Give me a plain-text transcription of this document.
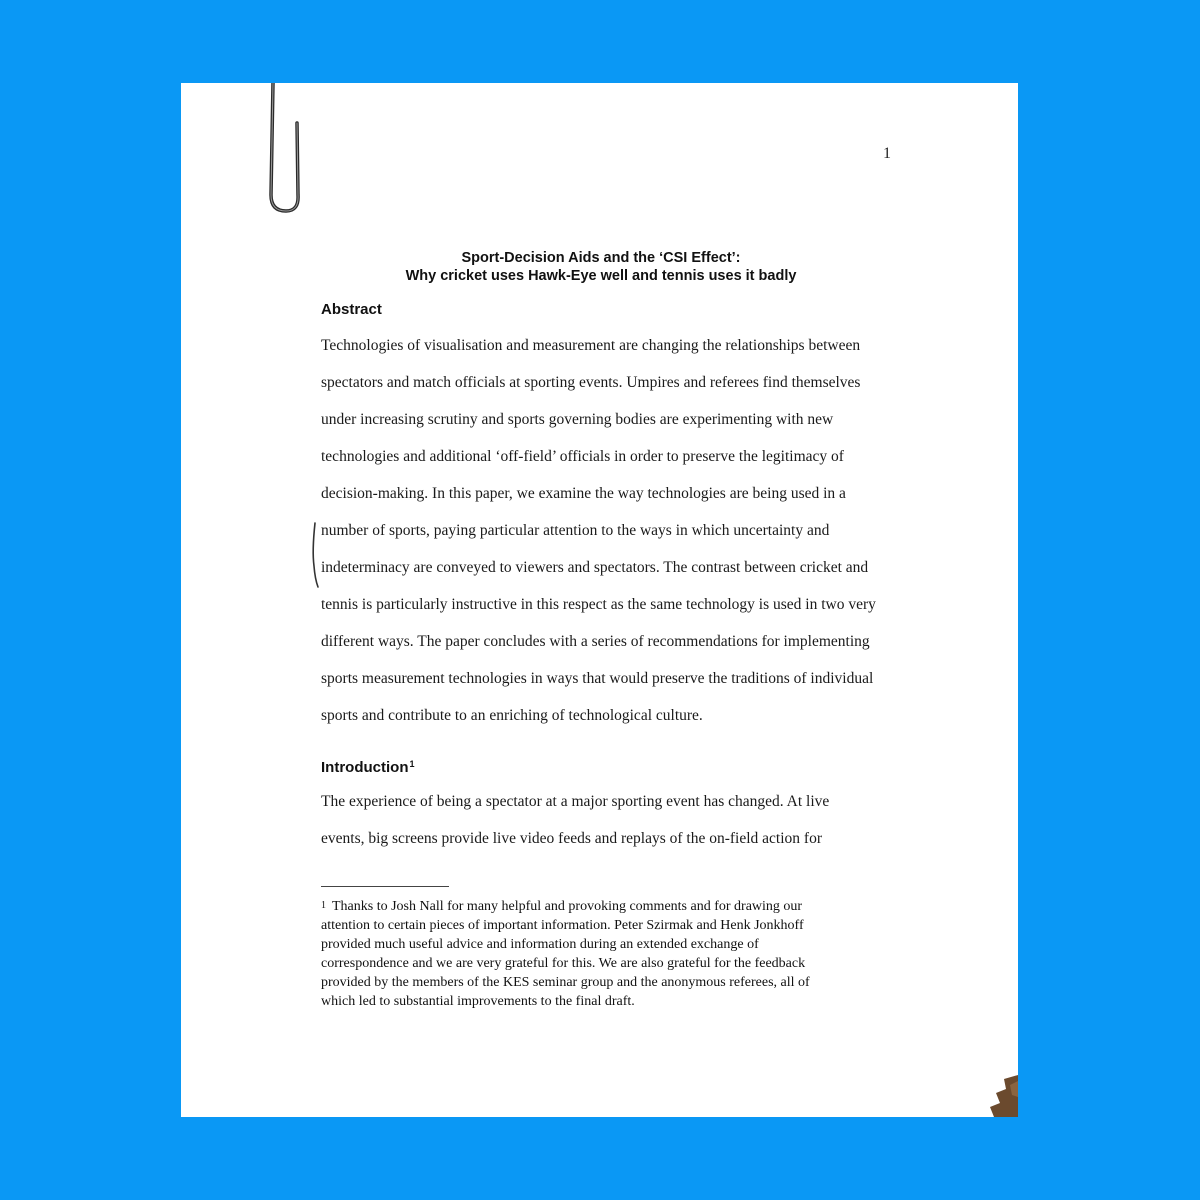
1
Sport-Decision Aids and the ‘CSI Effect’:
Why cricket uses Hawk-Eye well and tennis uses it badly
Abstract
Technologies of visualisation and measurement are changing the relationships between
spectators and match officials at sporting events. Umpires and referees find themselves
under increasing scrutiny and sports governing bodies are experimenting with new
technologies and additional ‘off-field’ officials in order to preserve the legitimacy of
decision-making. In this paper, we examine the way technologies are being used in a
number of sports, paying particular attention to the ways in which uncertainty and
indeterminacy are conveyed to viewers and spectators. The contrast between cricket and
tennis is particularly instructive in this respect as the same technology is used in two very
different ways. The paper concludes with a series of recommendations for implementing
sports measurement technologies in ways that would preserve the traditions of individual
sports and contribute to an enriching of technological culture.
Introduction$^1$
The experience of being a spectator at a major sporting event has changed. At live
events, big screens provide live video feeds and replays of the on-field action for
1 Thanks to Josh Nall for many helpful and provoking comments and for drawing our
attention to certain pieces of important information. Peter Szirmak and Henk Jonkhoff
provided much useful advice and information during an extended exchange of
correspondence and we are very grateful for this. We are also grateful for the feedback
provided by the members of the KES seminar group and the anonymous referees, all of
which led to substantial improvements to the final draft.
